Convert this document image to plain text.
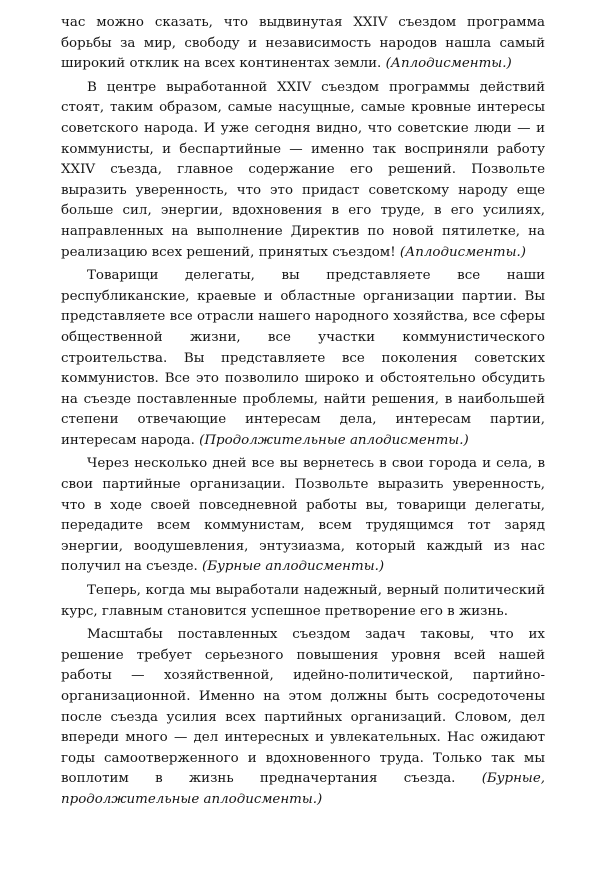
час можно сказать, что выдвинутая XXIV съездом программа борьбы за мир, свободу и независимость народов нашла самый широкий отклик на всех континентах земли. (Аплодисменты.)

В центре выработанной XXIV съездом программы действий стоят, таким образом, самые насущные, самые кровные интересы советского народа. И уже сегодня видно, что советские люди — и коммунисты, и беспартийные — именно так восприняли работу XXIV съезда, главное содержание его решений. Позвольте выразить уверенность, что это придаст советскому народу еще больше сил, энергии, вдохновения в его труде, в его усилиях, направленных на выполнение Директив по новой пятилетке, на реализацию всех решений, принятых съездом! (Аплодисменты.)

Товарищи делегаты, вы представляете все наши республиканские, краевые и областные организации партии. Вы представляете все отрасли нашего народного хозяйства, все сферы общественной жизни, все участки коммунистического строительства. Вы представляете все поколения советских коммунистов. Все это позволило широко и обстоятельно обсудить на съезде поставленные проблемы, найти решения, в наибольшей степени отвечающие интересам дела, интересам партии, интересам народа. (Продолжительные аплодисменты.)

Через несколько дней все вы вернетесь в свои города и села, в свои партийные организации. Позвольте выразить уверенность, что в ходе своей повседневной работы вы, товарищи делегаты, передадите всем коммунистам, всем трудящимся тот заряд энергии, воодушевления, энтузиазма, который каждый из нас получил на съезде. (Бурные аплодисменты.)

Теперь, когда мы выработали надежный, верный политический курс, главным становится успешное претворение его в жизнь.

Масштабы поставленных съездом задач таковы, что их решение требует серьезного повышения уровня всей нашей работы — хозяйственной, идейно-политической, партийно-организационной. Именно на этом должны быть сосредоточены после съезда усилия всех партийных организаций. Словом, дел впереди много — дел интересных и увлекательных. Нас ожидают годы самоотверженного и вдохновенного труда. Только так мы воплотим в жизнь предначертания съезда. (Бурные, продолжительные аплодисменты.)
